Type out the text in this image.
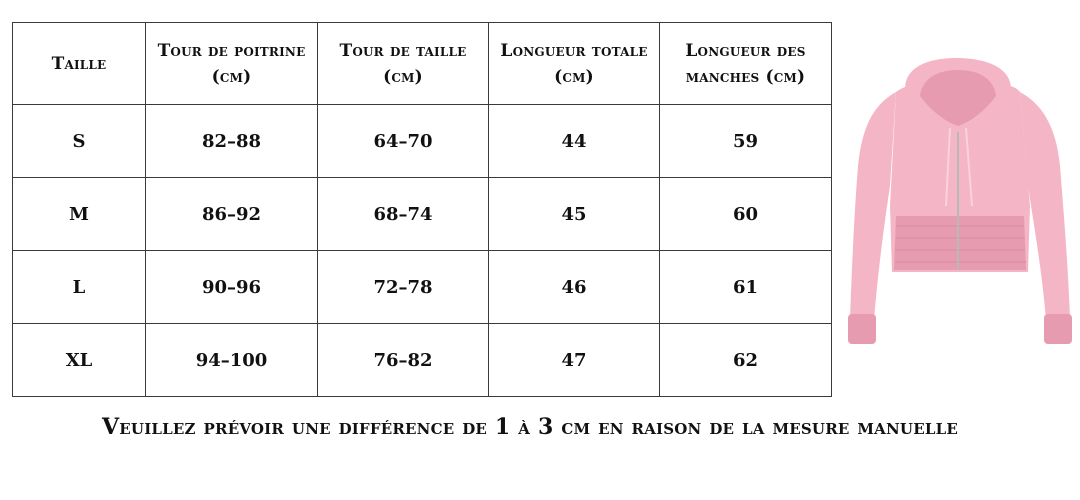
Taille	Tour de poitrine (cm)	Tour de taille (cm)	Longueur totale (cm)	Longueur des manches (cm)
S	82–88	64–70	44	59
M	86–92	68–74	45	60
L	90–96	72–78	46	61
XL	94–100	76–82	47	62
Veuillez prévoir une différence de 1 à 3 cm en raison de la mesure manuelle
